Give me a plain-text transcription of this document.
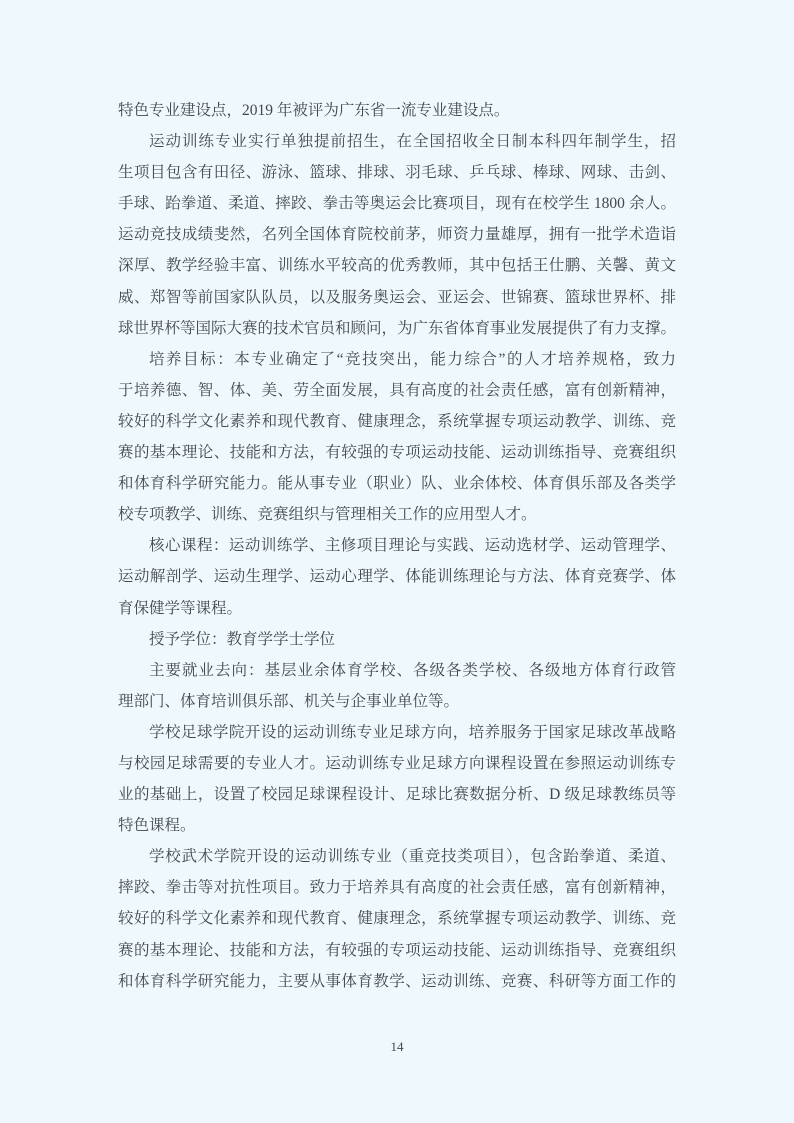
特色专业建设点，2019 年被评为广东省一流专业建设点。
运动训练专业实行单独提前招生，在全国招收全日制本科四年制学生，招
生项目包含有田径、游泳、篮球、排球、羽毛球、乒乓球、棒球、网球、击剑、
手球、跆拳道、柔道、摔跤、拳击等奥运会比赛项目，现有在校学生 1800 余人。
运动竞技成绩斐然，名列全国体育院校前茅，师资力量雄厚，拥有一批学术造诣
深厚、教学经验丰富、训练水平较高的优秀教师，其中包括王仕鹏、关馨、黄文
威、郑智等前国家队队员，以及服务奥运会、亚运会、世锦赛、篮球世界杯、排
球世界杯等国际大赛的技术官员和顾问，为广东省体育事业发展提供了有力支撑。
培养目标：本专业确定了“竞技突出，能力综合”的人才培养规格，致力
于培养德、智、体、美、劳全面发展，具有高度的社会责任感，富有创新精神，
较好的科学文化素养和现代教育、健康理念，系统掌握专项运动教学、训练、竞
赛的基本理论、技能和方法，有较强的专项运动技能、运动训练指导、竞赛组织
和体育科学研究能力。能从事专业（职业）队、业余体校、体育俱乐部及各类学
校专项教学、训练、竞赛组织与管理相关工作的应用型人才。
核心课程：运动训练学、主修项目理论与实践、运动选材学、运动管理学、
运动解剖学、运动生理学、运动心理学、体能训练理论与方法、体育竞赛学、体
育保健学等课程。
授予学位：教育学学士学位
主要就业去向：基层业余体育学校、各级各类学校、各级地方体育行政管
理部门、体育培训俱乐部、机关与企事业单位等。
学校足球学院开设的运动训练专业足球方向，培养服务于国家足球改革战略
与校园足球需要的专业人才。运动训练专业足球方向课程设置在参照运动训练专
业的基础上，设置了校园足球课程设计、足球比赛数据分析、D 级足球教练员等
特色课程。
学校武术学院开设的运动训练专业（重竞技类项目），包含跆拳道、柔道、
摔跤、拳击等对抗性项目。致力于培养具有高度的社会责任感，富有创新精神，
较好的科学文化素养和现代教育、健康理念，系统掌握专项运动教学、训练、竞
赛的基本理论、技能和方法，有较强的专项运动技能、运动训练指导、竞赛组织
和体育科学研究能力，主要从事体育教学、运动训练、竞赛、科研等方面工作的
14
